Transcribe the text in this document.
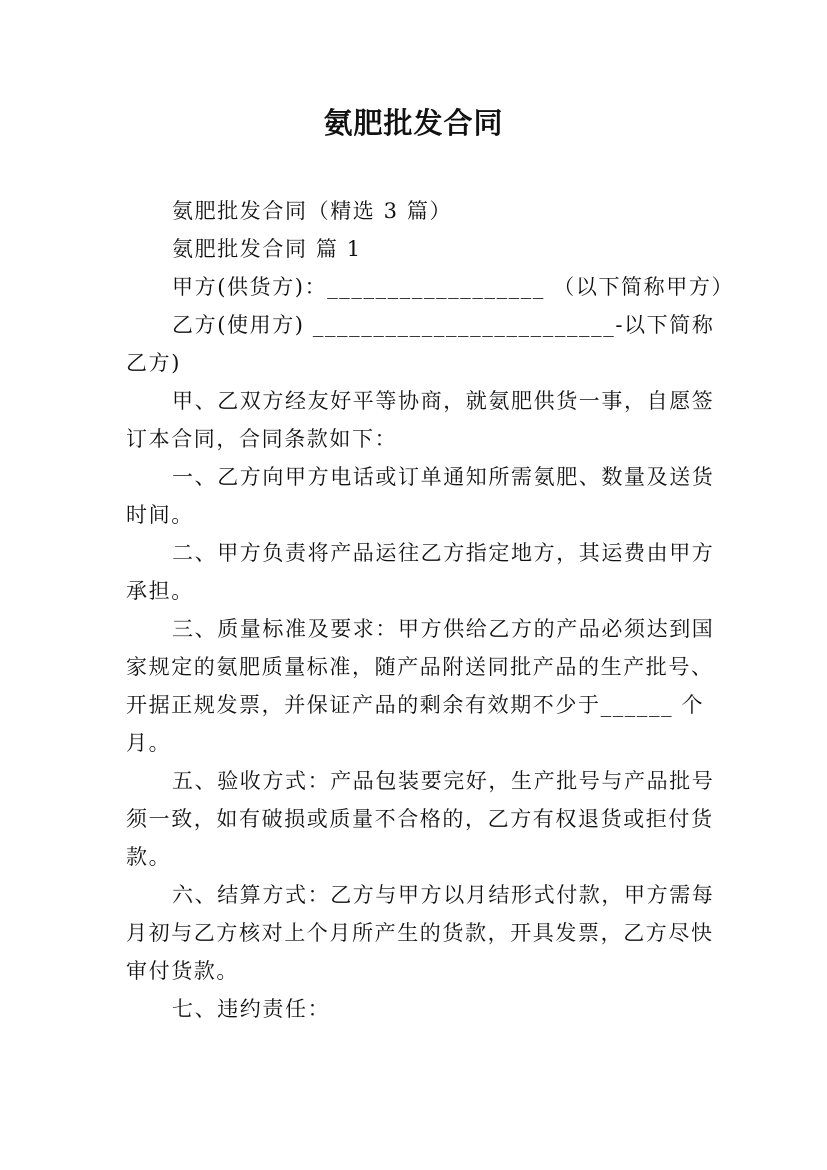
氨肥批发合同
氨肥批发合同（精选 3 篇）
氨肥批发合同 篇 1
甲方(供货方)：__________________ （以下简称甲方）
乙方(使用方) _________________________-以下简称
乙方)
甲、乙双方经友好平等协商，就氨肥供货一事，自愿签
订本合同，合同条款如下：
一、乙方向甲方电话或订单通知所需氨肥、数量及送货
时间。
二、甲方负责将产品运往乙方指定地方，其运费由甲方
承担。
三、质量标准及要求：甲方供给乙方的产品必须达到国
家规定的氨肥质量标准，随产品附送同批产品的生产批号、
开据正规发票，并保证产品的剩余有效期不少于______ 个
月。
五、验收方式：产品包装要完好，生产批号与产品批号
须一致，如有破损或质量不合格的，乙方有权退货或拒付货
款。
六、结算方式：乙方与甲方以月结形式付款，甲方需每
月初与乙方核对上个月所产生的货款，开具发票，乙方尽快
审付货款。
七、违约责任：
